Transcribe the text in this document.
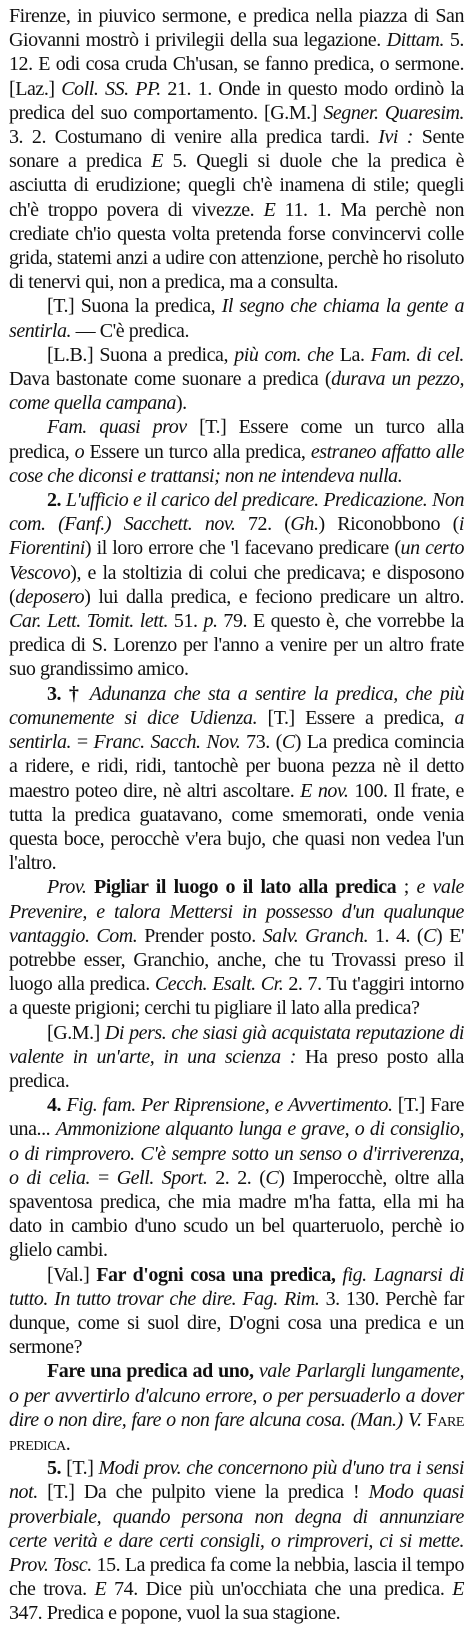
Firenze, in piuvico sermone, e predica nella piazza di San Giovanni mostrò i privilegii della sua legazione. Dittam. 5. 12. E odi cosa cruda Ch'usan, se fanno predica, o sermone. [Laz.] Coll. SS. PP. 21. 1. Onde in questo modo ordinò la predica del suo comportamento. [G.M.] Segner. Quaresim. 3. 2. Costumano di venire alla predica tardi. Ivi : Sente sonare a predica E 5. Quegli si duole che la predica è asciutta di erudizione; quegli ch'è inamena di stile; quegli ch'è troppo povera di vivezze. E 11. 1. Ma perchè non crediate ch'io questa volta pretenda forse convincervi colle grida, statemi anzi a udire con attenzione, perchè ho risoluto di tenervi qui, non a predica, ma a consulta.

[T.] Suona la predica, Il segno che chiama la gente a sentirla. — C'è predica.

[L.B.] Suona a predica, più com. che La. Fam. di cel. Dava bastonate come suonare a predica (durava un pezzo, come quella campana).

Fam. quasi prov [T.] Essere come un turco alla predica, o Essere un turco alla predica, estraneo affatto alle cose che diconsi e trattansi; non ne intendeva nulla.

2. L'ufficio e il carico del predicare. Predicazione. Non com. (Fanf.) Sacchett. nov. 72. (Gh.) Riconobbono (i Fiorentini) il loro errore che 'l facevano predicare (un certo Vescovo), e la stoltizia di colui che predicava; e disposono (deposero) lui dalla predica, e feciono predicare un altro. Car. Lett. Tomit. lett. 51. p. 79. E questo è, che vorrebbe la predica di S. Lorenzo per l'anno a venire per un altro frate suo grandissimo amico.

3. † Adunanza che sta a sentire la predica, che più comunemente si dice Udienza. [T.] Essere a predica, a sentirla. = Franc. Sacch. Nov. 73. (C) La predica comincia a ridere, e ridi, ridi, tantochè per buona pezza nè il detto maestro poteo dire, nè altri ascoltare. E nov. 100. Il frate, e tutta la predica guatavano, come smemorati, onde venia questa boce, perocchè v'era bujo, che quasi non vedea l'un l'altro.

Prov. Pigliar il luogo o il lato alla predica ; e vale Prevenire, e talora Mettersi in possesso d'un qualunque vantaggio. Com. Prender posto. Salv. Granch. 1. 4. (C) E' potrebbe esser, Granchio, anche, che tu Trovassi preso il luogo alla predica. Cecch. Esalt. Cr. 2. 7. Tu t'aggiri intorno a queste prigioni; cerchi tu pigliare il lato alla predica?

[G.M.] Di pers. che siasi già acquistata reputazione di valente in un'arte, in una scienza : Ha preso posto alla predica.

4. Fig. fam. Per Riprensione, e Avvertimento. [T.] Fare una... Ammonizione alquanto lunga e grave, o di consiglio, o di rimprovero. C'è sempre sotto un senso o d'irriverenza, o di celia. = Gell. Sport. 2. 2. (C) Imperocchè, oltre alla spaventosa predica, che mia madre m'ha fatta, ella mi ha dato in cambio d'uno scudo un bel quarteruolo, perchè io glielo cambi.

[Val.] Far d'ogni cosa una predica, fig. Lagnarsi di tutto. In tutto trovar che dire. Fag. Rim. 3. 130. Perchè far dunque, come si suol dire, D'ogni cosa una predica e un sermone?

Fare una predica ad uno, vale Parlargli lungamente, o per avvertirlo d'alcuno errore, o per persuaderlo a dover dire o non dire, fare o non fare alcuna cosa. (Man.) V. Fare predica.

5. [T.] Modi prov. che concernono più d'uno tra i sensi not. [T.] Da che pulpito viene la predica ! Modo quasi proverbiale, quando persona non degna di annunziare certe verità e dare certi consigli, o rimproveri, ci si mette. Prov. Tosc. 15. La predica fa come la nebbia, lascia il tempo che trova. E 74. Dice più un'occhiata che una predica. E 347. Predica e popone, vuol la sua stagione.
